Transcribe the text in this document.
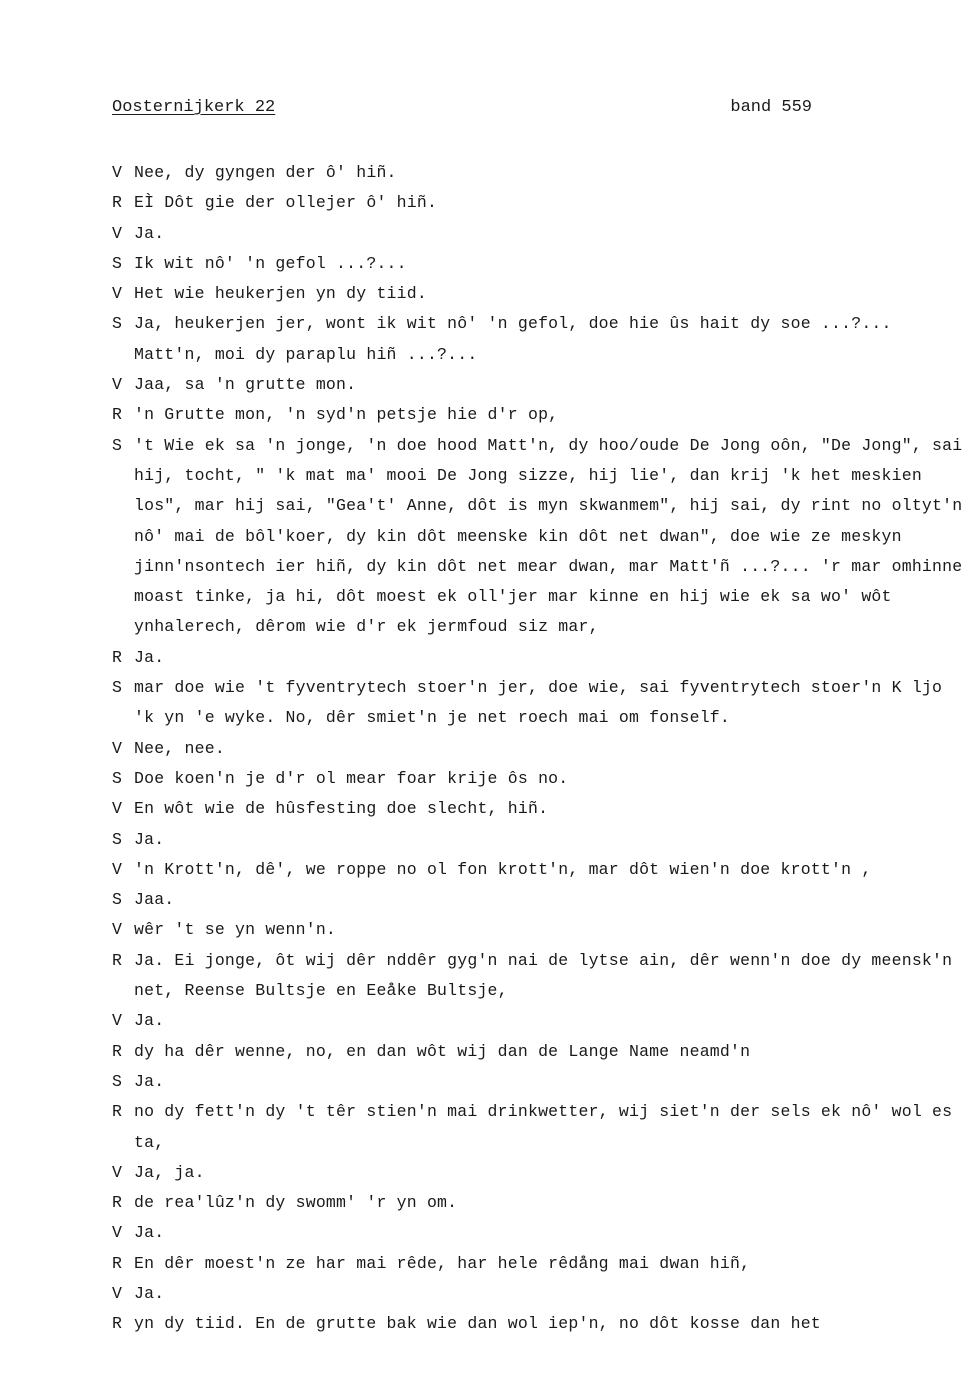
Oosternijkerk 22	band 559
V Nee, dy gyngen der ô' hiñ.
R EÌ Dôt gie der ollejer ô' hiñ.
V Ja.
S Ik wit nô' 'n gefol ...?...
V Het wie heukerjen yn dy tiid.
S Ja, heukerjen jer, wont ik wit nô' 'n gefol, doe hie ûs hait dy soe ...?... Matt'n, moi dy paraplu hiñ ...?...
V Jaa, sa 'n grutte mon.
R 'n Grutte mon, 'n syd'n petsje hie d'r op,
S 't Wie ek sa 'n jonge, 'n doe hood Matt'n, dy hoo/oude De Jong oôn, "De Jong", sai hij, tocht, " 'k mat ma' mooi De Jong sizze, hij lie', dan krij 'k het meskien los", mar hij sai, "Gea't' Anne, dôt is myn skwanmem", hij sai, dy rint no oltyt'n nô' mai de bôl'koer, dy kin dôt meenske kin dôt net dwan", doe wie ze meskyn jinn'nsontech ier hiñ, dy kin dôt net mear dwan, mar Matt'ñ ...?... 'r mar omhinne moast tinke, ja hi, dôt moest ek oll'jer mar kinne en hij wie ek sa wo' wôt ynhalerech, dêrom wie d'r ek jermfoud siz mar,
R Ja.
S mar doe wie 't fyventrytech stoer'n jer, doe wie, sai fyventrytech stoer'n K ljo 'k yn 'e wyke. No, dêr smiet'n je net roech mai om fonself.
V Nee, nee.
S Doe koen'n je d'r ol mear foar krije ôs no.
V En wôt wie de hûsfesting doe slecht, hiñ.
S Ja.
V 'n Krott'n, dê', we roppe no ol fon krott'n, mar dôt wien'n doe krott'n ,
S Jaa.
V wêr 't se yn wenn'n.
R Ja. Ei jonge, ôt wij dêr nddêr gyg'n nai de lytse ain, dêr wenn'n doe dy meensk'n net, Reense Bultsje en Eeåke Bultsje,
V Ja.
R dy ha dêr wenne, no, en dan wôt wij dan de Lange Name neamd'n
S Ja.
R no dy fett'n dy 't têr stien'n mai drinkwetter, wij siet'n der sels ek nô' wol es ta,
V Ja, ja.
R de rea'lûz'n dy swomm' 'r yn om.
V Ja.
R En dêr moest'n ze har mai rêde, har hele rêdång mai dwan hiñ,
V Ja.
R yn dy tiid. En de grutte bak wie dan wol iep'n, no dôt kosse dan het
